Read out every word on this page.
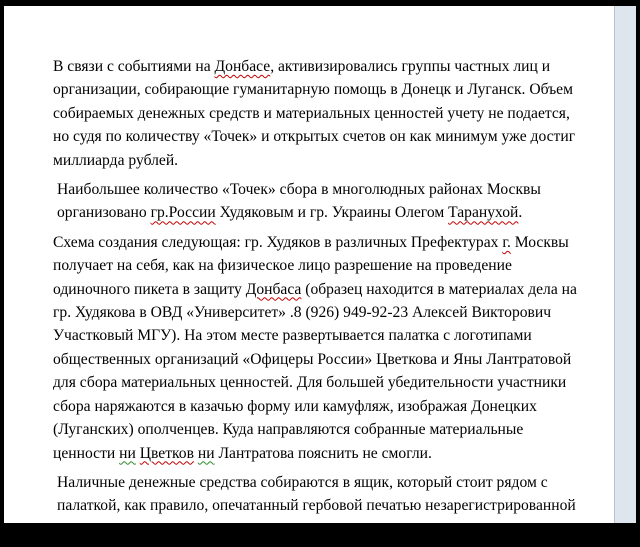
В связи с событиями на Донбасе, активизировались группы частных лиц и организации, собирающие гуманитарную помощь в Донецк и Луганск. Объем собираемых денежных средств и материальных ценностей учету не подается, но судя по количеству «Точек» и открытых счетов он как минимум уже достиг миллиарда рублей.

Наибольшее количество «Точек» сбора в многолюдных районах Москвы организовано гр.России Худяковым и гр. Украины Олегом Таранухой.

Схема создания следующая: гр. Худяков в различных Префектурах г. Москвы получает на себя, как на физическое лицо разрешение на проведение одиночного пикета в защиту Донбаса (образец находится в материалах дела на гр. Худякова в ОВД «Университет» .8 (926) 949-92-23 Алексей Викторович Участковый МГУ). На этом месте развертывается палатка с логотипами общественных организаций «Офицеры России» Цветкова и Яны Лантратовой для сбора материальных ценностей. Для большей убедительности участники сбора наряжаются в казачью форму или камуфляж, изображая Донецких (Луганских) ополченцев. Куда направляются собранные материальные ценности ни Цветков ни Лантратова пояснить не смогли.

Наличные денежные средства собираются в ящик, который стоит рядом с палаткой, как правило, опечатанный гербовой печатью незарегистрированной организации «Русский вектор» за подписью
